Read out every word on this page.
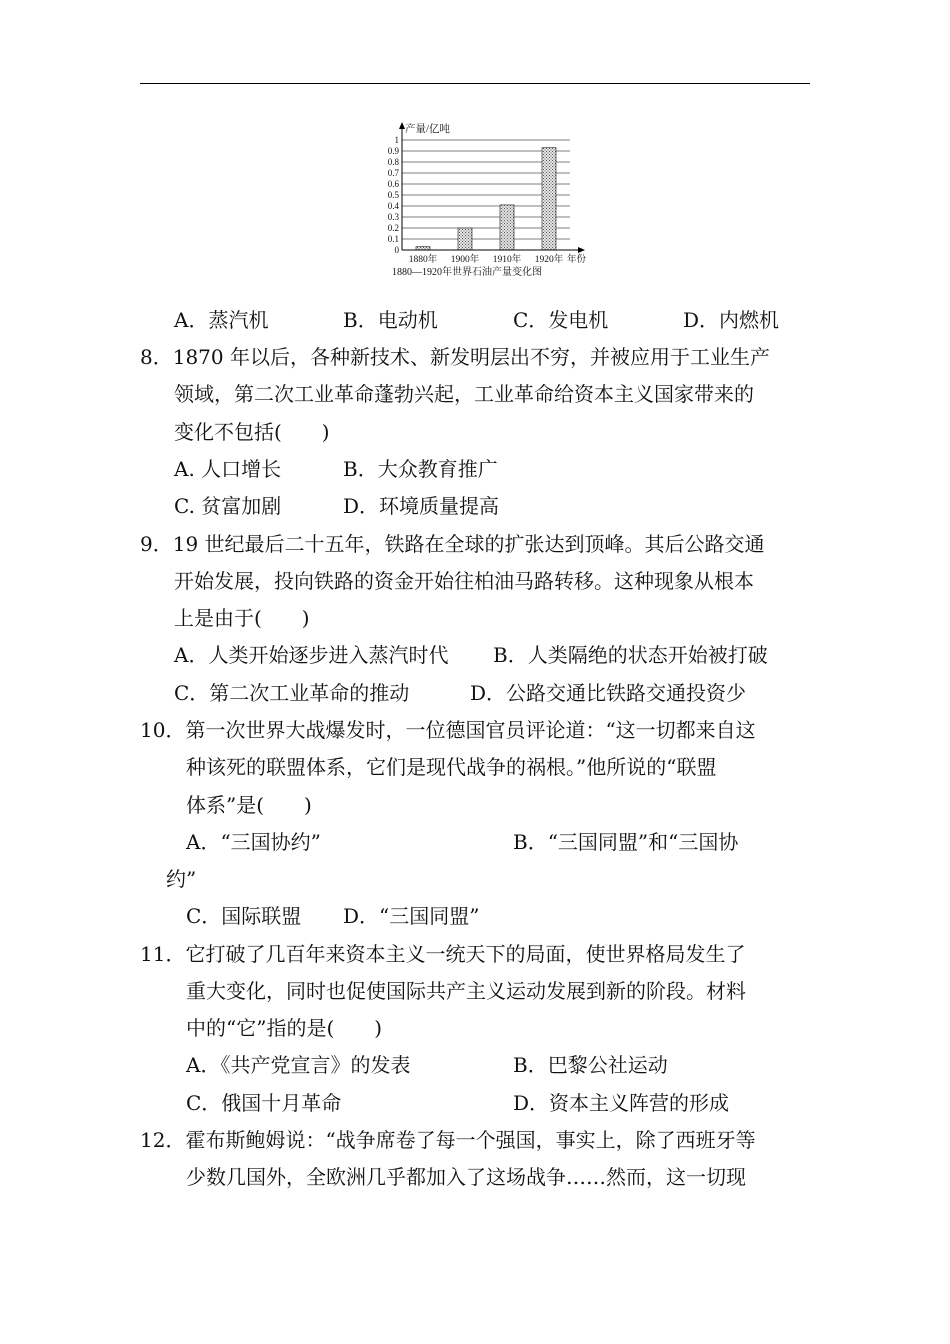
0
0.1
0.2
0.3
0.4
0.5
0.6
0.7
0.8
0.9
1
1880年 1900年 1910年 1920年
产量/亿吨
年份
1880—1920年世界石油产量变化图
A．蒸汽机	B．电动机	C．发电机	D．内燃机
8．1870 年以后，各种新技术、新发明层出不穷，并被应用于工业生产
领域，第二次工业革命蓬勃兴起，工业革命给资本主义国家带来的
变化不包括(　　)
A. 人口增长	B．大众教育推广
C. 贫富加剧	D．环境质量提高
9．19 世纪最后二十五年，铁路在全球的扩张达到顶峰。其后公路交通
开始发展，投向铁路的资金开始往柏油马路转移。这种现象从根本
上是由于(　　)
A．人类开始逐步进入蒸汽时代 B．人类隔绝的状态开始被打破
C．第二次工业革命的推动	D．公路交通比铁路交通投资少
10．第一次世界大战爆发时，一位德国官员评论道：“这一切都来自这
种该死的联盟体系，它们是现代战争的祸根。”他所说的“联盟
体系”是(　　)
A．“三国协约”	B．“三国同盟”和“三国协
约”
C．国际联盟 D．“三国同盟”
11．它打破了几百年来资本主义一统天下的局面，使世界格局发生了
重大变化，同时也促使国际共产主义运动发展到新的阶段。材料
中的“它”指的是(　　)
A．《共产党宣言》的发表	B．巴黎公社运动
C．俄国十月革命	D．资本主义阵营的形成
12．霍布斯鲍姆说：“战争席卷了每一个强国，事实上，除了西班牙等
少数几国外，全欧洲几乎都加入了这场战争……然而，这一切现
